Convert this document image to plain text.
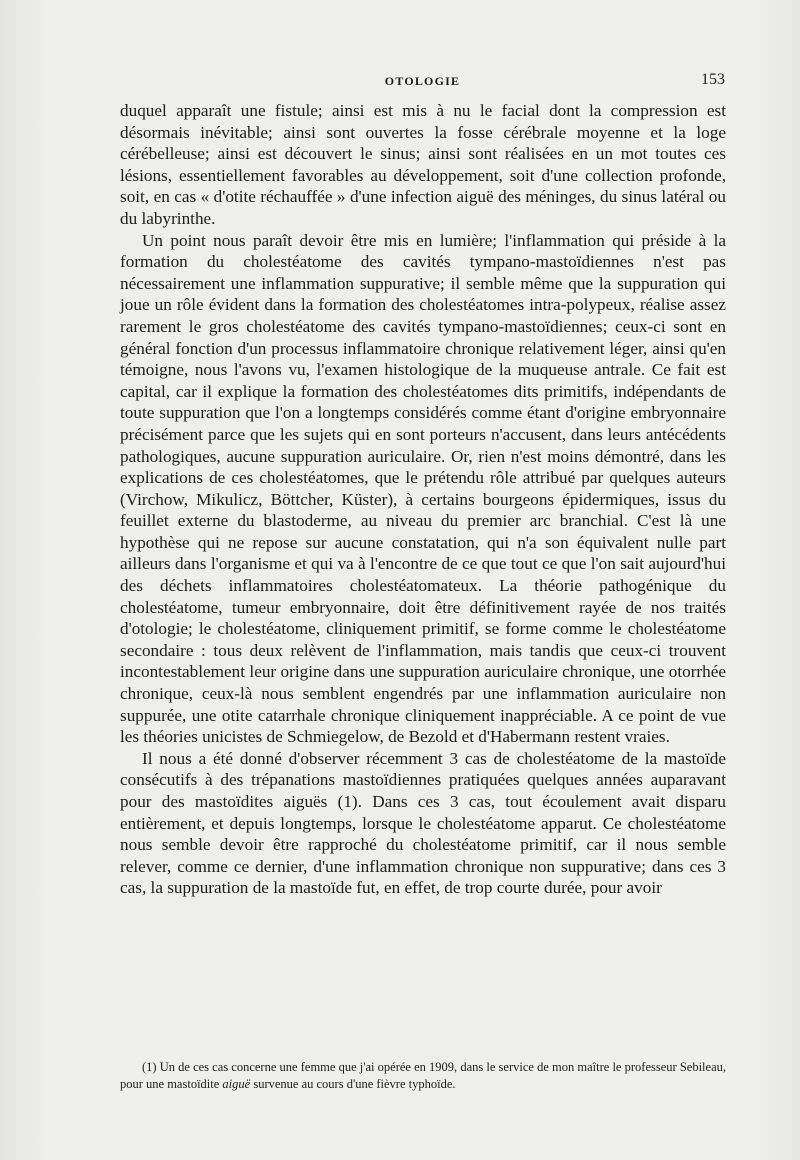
OTOLOGIE	153

duquel apparaît une fistule; ainsi est mis à nu le facial dont la compression est désormais inévitable; ainsi sont ouvertes la fosse cérébrale moyenne et la loge cérébelleuse; ainsi est découvert le sinus; ainsi sont réalisées en un mot toutes ces lésions, essentiellement favorables au développement, soit d'une collection profonde, soit, en cas « d'otite réchauffée » d'une infection aiguë des méninges, du sinus latéral ou du labyrinthe.

Un point nous paraît devoir être mis en lumière; l'inflammation qui préside à la formation du cholestéatome des cavités tympano-mastoïdiennes n'est pas nécessairement une inflammation suppurative; il semble même que la suppuration qui joue un rôle évident dans la formation des cholestéatomes intra-polypeux, réalise assez rarement le gros cholestéatome des cavités tympano-mastoïdiennes; ceux-ci sont en général fonction d'un processus inflammatoire chronique relativement léger, ainsi qu'en témoigne, nous l'avons vu, l'examen histologique de la muqueuse antrale. Ce fait est capital, car il explique la formation des cholestéatomes dits primitifs, indépendants de toute suppuration que l'on a longtemps considérés comme étant d'origine embryonnaire précisément parce que les sujets qui en sont porteurs n'accusent, dans leurs antécédents pathologiques, aucune suppuration auriculaire. Or, rien n'est moins démontré, dans les explications de ces cholestéatomes, que le prétendu rôle attribué par quelques auteurs (Virchow, Mikulicz, Böttcher, Küster), à certains bourgeons épidermiques, issus du feuillet externe du blastoderme, au niveau du premier arc branchial. C'est là une hypothèse qui ne repose sur aucune constatation, qui n'a son équivalent nulle part ailleurs dans l'organisme et qui va à l'encontre de ce que tout ce que l'on sait aujourd'hui des déchets inflammatoires cholestéatomateux. La théorie pathogénique du cholestéatome, tumeur embryonnaire, doit être définitivement rayée de nos traités d'otologie; le cholestéatome, cliniquement primitif, se forme comme le cholestéatome secondaire : tous deux relèvent de l'inflammation, mais tandis que ceux-ci trouvent incontestablement leur origine dans une suppuration auriculaire chronique, une otorrhée chronique, ceux-là nous semblent engendrés par une inflammation auriculaire non suppurée, une otite catarrhale chronique cliniquement inappréciable. A ce point de vue les théories unicistes de Schmiegelow, de Bezold et d'Habermann restent vraies.

Il nous a été donné d'observer récemment 3 cas de cholestéatome de la mastoïde consécutifs à des trépanations mastoïdiennes pratiquées quelques années auparavant pour des mastoïdites aiguës (1). Dans ces 3 cas, tout écoulement avait disparu entièrement, et depuis longtemps, lorsque le cholestéatome apparut. Ce cholestéatome nous semble devoir être rapproché du cholestéatome primitif, car il nous semble relever, comme ce dernier, d'une inflammation chronique non suppurative; dans ces 3 cas, la suppuration de la mastoïde fut, en effet, de trop courte durée, pour avoir

(1) Un de ces cas concerne une femme que j'ai opérée en 1909, dans le service de mon maître le professeur Sebileau, pour une mastoïdite aiguë survenue au cours d'une fièvre typhoïde.
